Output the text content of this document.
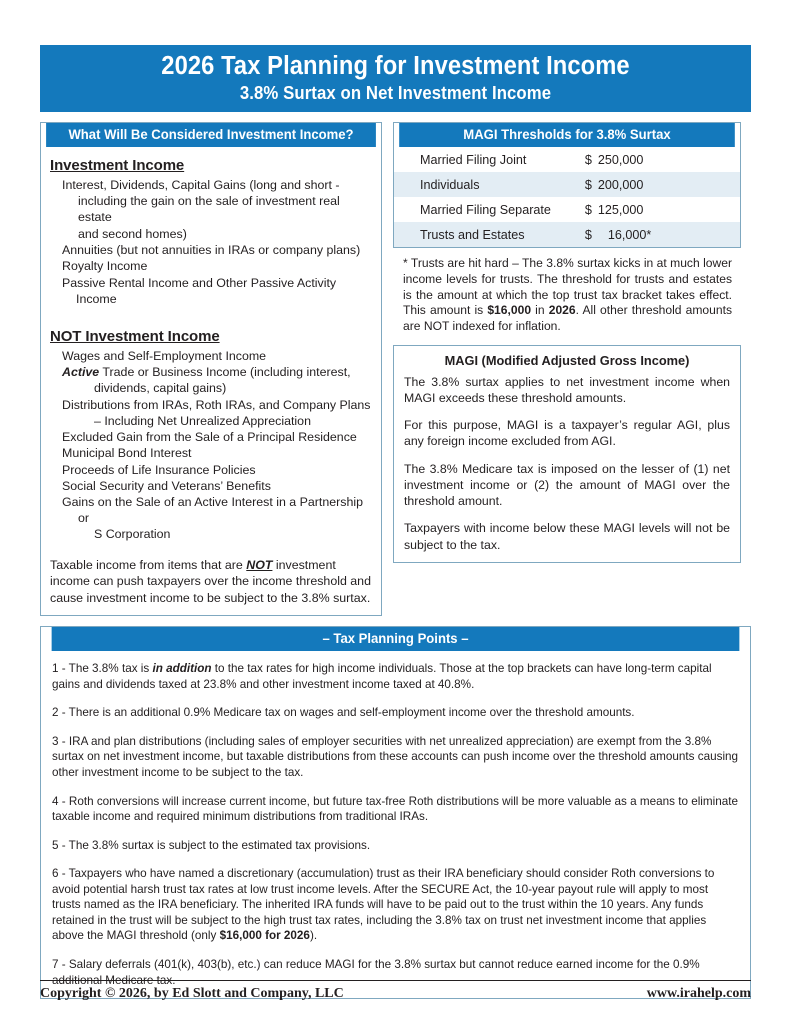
2026 Tax Planning for Investment Income
3.8% Surtax on Net Investment Income
What Will Be Considered Investment Income?
Investment Income
Interest, Dividends, Capital Gains (long and short -
including the gain on the sale of investment real estate
and second homes)
Annuities (but not annuities in IRAs or company plans)
Royalty Income
Passive Rental Income and Other Passive Activity Income
NOT Investment Income
Wages and Self-Employment Income
Active Trade or Business Income (including interest,
dividends, capital gains)
Distributions from IRAs, Roth IRAs, and Company Plans
– Including Net Unrealized Appreciation
Excluded Gain from the Sale of a Principal Residence
Municipal Bond Interest
Proceeds of Life Insurance Policies
Social Security and Veterans’ Benefits
Gains on the Sale of an Active Interest in a Partnership or
S Corporation
Taxable income from items that are NOT investment income can push taxpayers over the income threshold and cause investment income to be subject to the 3.8% surtax.
MAGI Thresholds for 3.8% Surtax
Married Filing Joint	$ 250,000
Individuals	$ 200,000
Married Filing Separate	$ 125,000
Trusts and Estates	$ 16,000*
* Trusts are hit hard – The 3.8% surtax kicks in at much lower income levels for trusts. The threshold for trusts and estates is the amount at which the top trust tax bracket takes effect. This amount is $16,000 in 2026. All other threshold amounts are NOT indexed for inflation.
MAGI (Modified Adjusted Gross Income)

The 3.8% surtax applies to net investment income when MAGI exceeds these threshold amounts.

For this purpose, MAGI is a taxpayer’s regular AGI, plus any foreign income excluded from AGI.

The 3.8% Medicare tax is imposed on the lesser of (1) net investment income or (2) the amount of MAGI over the threshold amount.

Taxpayers with income below these MAGI levels will not be subject to the tax.

– Tax Planning Points –

1 - The 3.8% tax is in addition to the tax rates for high income individuals. Those at the top brackets can have long-term capital gains and dividends taxed at 23.8% and other investment income taxed at 40.8%.

2 - There is an additional 0.9% Medicare tax on wages and self-employment income over the threshold amounts.

3 - IRA and plan distributions (including sales of employer securities with net unrealized appreciation) are exempt from the 3.8% surtax on net investment income, but taxable distributions from these accounts can push income over the threshold amounts causing other investment income to be subject to the tax.

4 - Roth conversions will increase current income, but future tax-free Roth distributions will be more valuable as a means to eliminate taxable income and required minimum distributions from traditional IRAs.

5 - The 3.8% surtax is subject to the estimated tax provisions.

6 - Taxpayers who have named a discretionary (accumulation) trust as their IRA beneficiary should consider Roth conversions to avoid potential harsh trust tax rates at low trust income levels. After the SECURE Act, the 10-year payout rule will apply to most trusts named as the IRA beneficiary. The inherited IRA funds will have to be paid out to the trust within the 10 years. Any funds retained in the trust will be subject to the high trust tax rates, including the 3.8% tax on trust net investment income that applies above the MAGI threshold (only $16,000 for 2026).

7 - Salary deferrals (401(k), 403(b), etc.) can reduce MAGI for the 3.8% surtax but cannot reduce earned income for the 0.9% additional Medicare tax.

Copyright © 2026, by Ed Slott and Company, LLC	www.irahelp.com
